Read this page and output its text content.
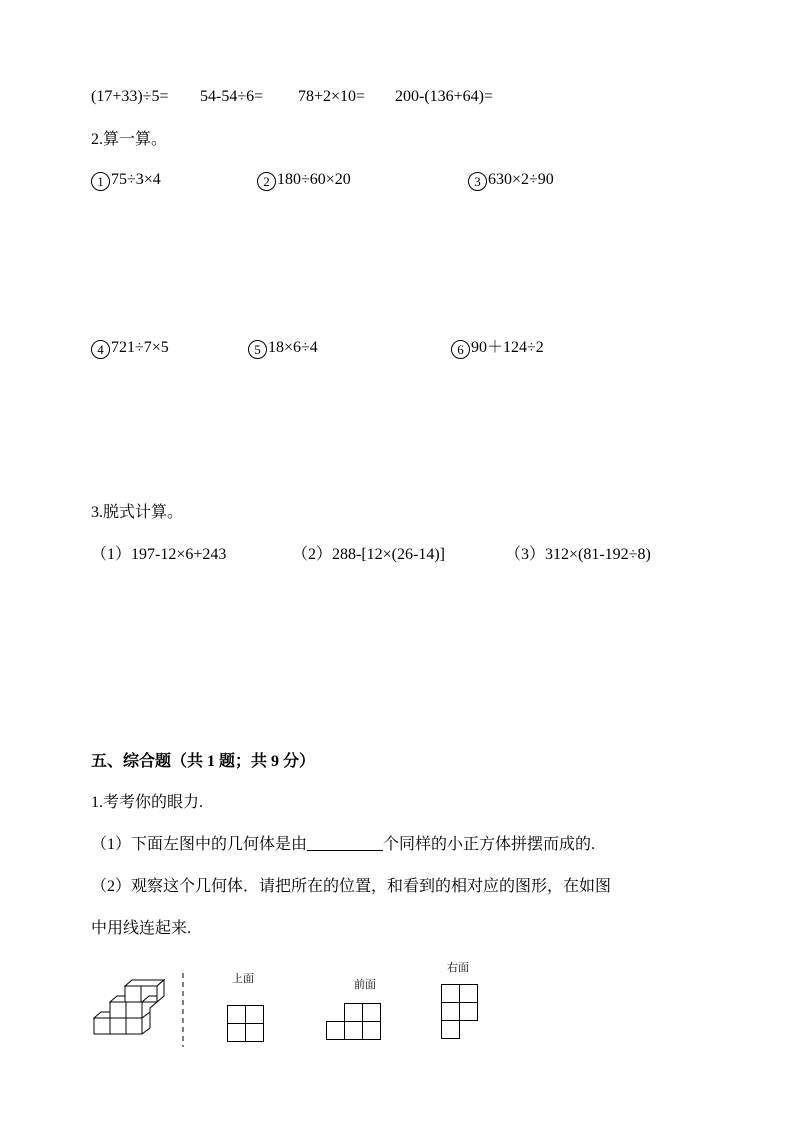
(17+33)÷5= 54-54÷6= 78+2×10= 200-(136+64)=
2.算一算。
1 75÷3×4	2 180÷60×20	3 630×2÷90
4 721÷7×5	5 18×6÷4	6 90＋124÷2
3.脱式计算。
（1）197-12×6+243	（2）288-[12×(26-14)]	（3）312×(81-192÷8)
五、综合题（共 1 题；共 9 分）
1.考考你的眼力.
（1）下面左图中的几何体是由	个同样的小正方体拼摆而成的.
（2）观察这个几何体．请把所在的位置，和看到的相对应的图形，在如图
中用线连起来.
上面	前面
右面
